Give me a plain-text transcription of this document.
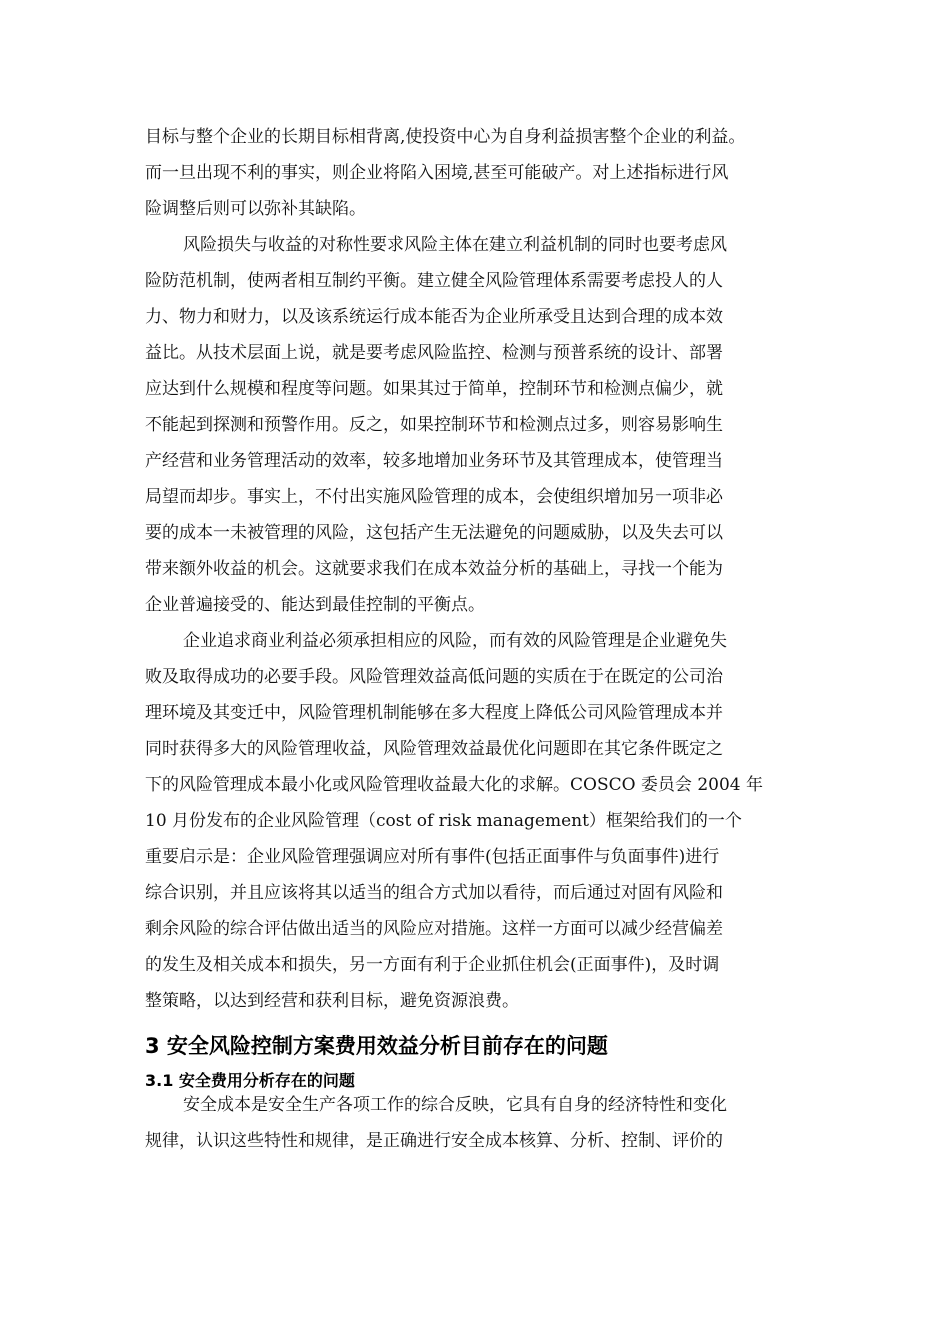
目标与整个企业的长期目标相背离,使投资中心为自身利益损害整个企业的利益。
而一旦出现不利的事实，则企业将陷入困境,甚至可能破产。对上述指标进行风
险调整后则可以弥补其缺陷。
风险损失与收益的对称性要求风险主体在建立利益机制的同时也要考虑风
险防范机制，使两者相互制约平衡。建立健全风险管理体系需要考虑投人的人
力、物力和财力，以及该系统运行成本能否为企业所承受且达到合理的成本效
益比。从技术层面上说，就是要考虑风险监控、检测与预普系统的设计、部署
应达到什么规模和程度等问题。如果其过于简单，控制环节和检测点偏少，就
不能起到探测和预警作用。反之，如果控制环节和检测点过多，则容易影响生
产经营和业务管理活动的效率，较多地增加业务环节及其管理成本，使管理当
局望而却步。事实上，不付出实施风险管理的成本，会使组织增加另一项非必
要的成本一未被管理的风险，这包括产生无法避免的问题威胁，以及失去可以
带来额外收益的机会。这就要求我们在成本效益分析的基础上，寻找一个能为
企业普遍接受的、能达到最佳控制的平衡点。
企业追求商业利益必须承担相应的风险，而有效的风险管理是企业避免失
败及取得成功的必要手段。风险管理效益高低问题的实质在于在既定的公司治
理环境及其变迁中，风险管理机制能够在多大程度上降低公司风险管理成本并
同时获得多大的风险管理收益，风险管理效益最优化问题即在其它条件既定之
下的风险管理成本最小化或风险管理收益最大化的求解。COSCO 委员会 2004 年
10 月份发布的企业风险管理（cost of risk management）框架给我们的一个
重要启示是：企业风险管理强调应对所有事件(包括正面事件与负面事件)进行
综合识别，并且应该将其以适当的组合方式加以看待，而后通过对固有风险和
剩余风险的综合评估做出适当的风险应对措施。这样一方面可以减少经营偏差
的发生及相关成本和损失，另一方面有利于企业抓住机会(正面事件)，及时调
整策略，以达到经营和获利目标，避免资源浪费。
3 安全风险控制方案费用效益分析目前存在的问题
3.1 安全费用分析存在的问题
安全成本是安全生产各项工作的综合反映，它具有自身的经济特性和变化
规律，认识这些特性和规律，是正确进行安全成本核算、分析、控制、评价的
